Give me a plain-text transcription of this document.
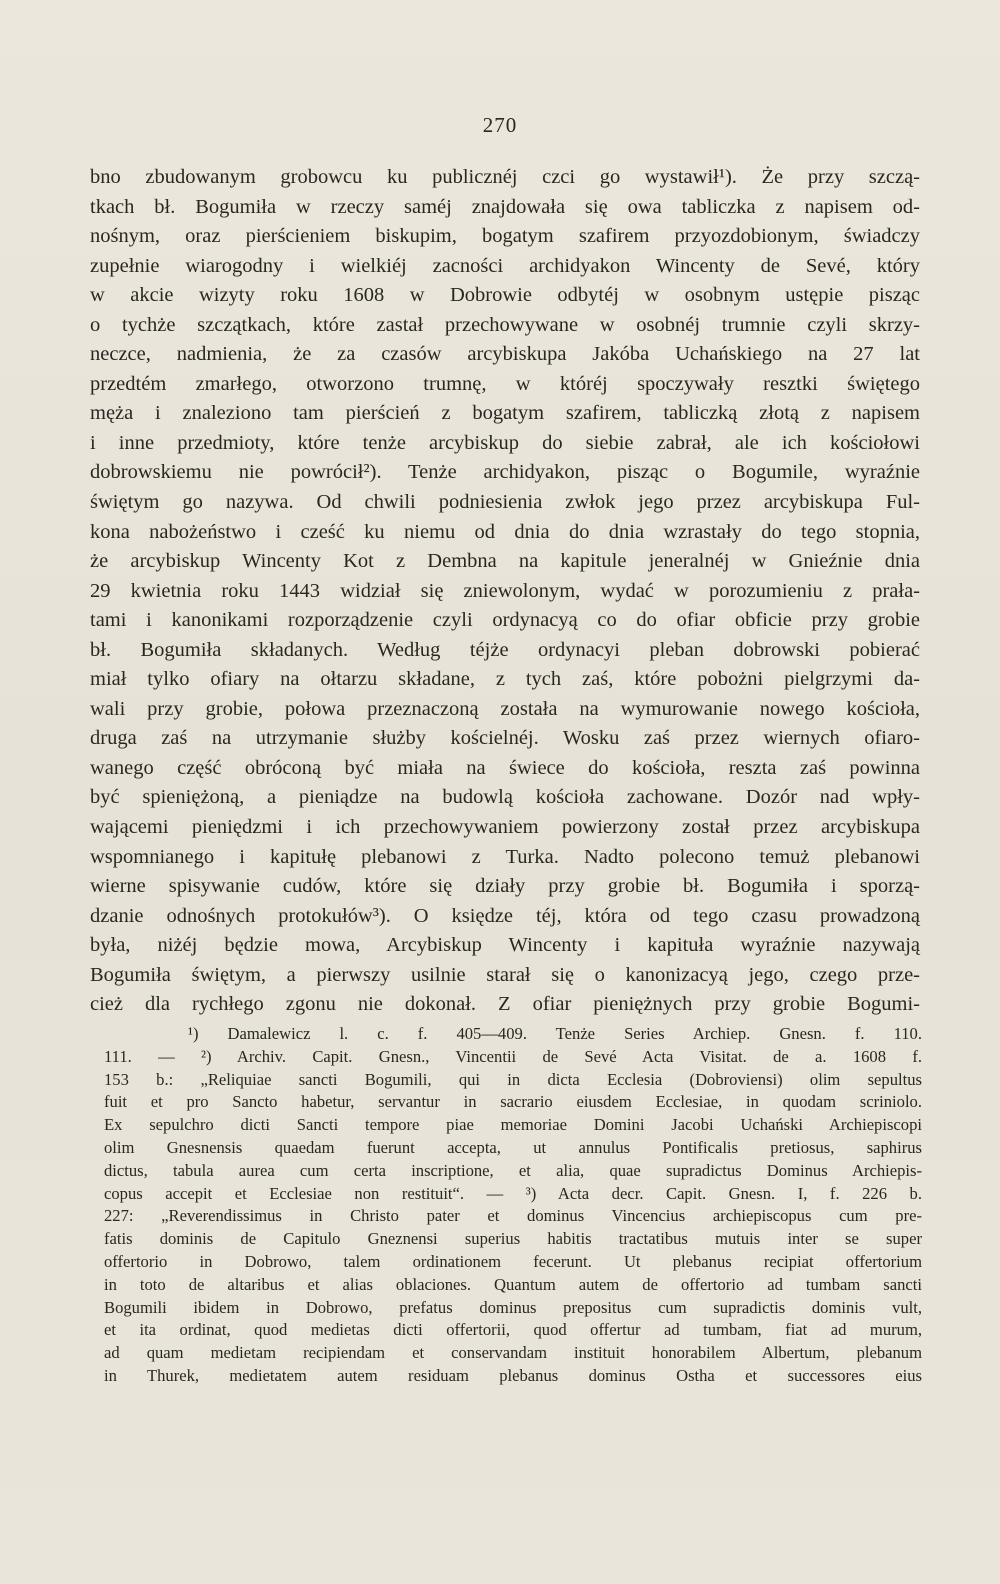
270
bno zbudowanym grobowcu ku publicznéj czci go wystawił¹). Że przy szczą-
tkach bł. Bogumiła w rzeczy saméj znajdowała się owa tabliczka z napisem od-
nośnym, oraz pierścieniem biskupim, bogatym szafirem przyozdobionym, świadczy
zupełnie wiarogodny i wielkiéj zacności archidyakon Wincenty de Sevé, który
w akcie wizyty roku 1608 w Dobrowie odbytéj w osobnym ustępie pisząc
o tychże szczątkach, które zastał przechowywane w osobnéj trumnie czyli skrzy-
neczce, nadmienia, że za czasów arcybiskupa Jakóba Uchańskiego na 27 lat
przedtém zmarłego, otworzono trumnę, w któréj spoczywały resztki świętego
męża i znaleziono tam pierścień z bogatym szafirem, tabliczką złotą z napisem
i inne przedmioty, które tenże arcybiskup do siebie zabrał, ale ich kościołowi
dobrowskiemu nie powrócił²). Tenże archidyakon, pisząc o Bogumile, wyraźnie
świętym go nazywa. Od chwili podniesienia zwłok jego przez arcybiskupa Ful-
kona nabożeństwo i cześć ku niemu od dnia do dnia wzrastały do tego stopnia,
że arcybiskup Wincenty Kot z Dembna na kapitule jeneralnéj w Gnieźnie dnia
29 kwietnia roku 1443 widział się zniewolonym, wydać w porozumieniu z prała-
tami i kanonikami rozporządzenie czyli ordynacyą co do ofiar obficie przy grobie
bł. Bogumiła składanych. Według téjże ordynacyi pleban dobrowski pobierać
miał tylko ofiary na ołtarzu składane, z tych zaś, które pobożni pielgrzymi da-
wali przy grobie, połowa przeznaczoną została na wymurowanie nowego kościoła,
druga zaś na utrzymanie służby kościelnéj. Wosku zaś przez wiernych ofiaro-
wanego część obróconą być miała na świece do kościoła, reszta zaś powinna
być spieniężoną, a pieniądze na budowlą kościoła zachowane. Dozór nad wpły-
wającemi pieniędzmi i ich przechowywaniem powierzony został przez arcybiskupa
wspomnianego i kapitułę plebanowi z Turka. Nadto polecono temuż plebanowi
wierne spisywanie cudów, które się działy przy grobie bł. Bogumiła i sporzą-
dzanie odnośnych protokułów³). O księdze téj, która od tego czasu prowadzoną
była, niżéj będzie mowa, Arcybiskup Wincenty i kapituła wyraźnie nazywają
Bogumiła świętym, a pierwszy usilnie starał się o kanonizacyą jego, czego prze-
cież dla rychłego zgonu nie dokonał. Z ofiar pieniężnych przy grobie Bogumi-
¹) Damalewicz l. c. f. 405—409. Tenże Series Archiep. Gnesn. f. 110.
111. — ²) Archiv. Capit. Gnesn., Vincentii de Sevé Acta Visitat. de a. 1608 f.
153 b.: „Reliquiae sancti Bogumili, qui in dicta Ecclesia (Dobroviensi) olim sepultus
fuit et pro Sancto habetur, servantur in sacrario eiusdem Ecclesiae, in quodam scriniolo.
Ex sepulchro dicti Sancti tempore piae memoriae Domini Jacobi Uchański Archiepiscopi
olim Gnesnensis quaedam fuerunt accepta, ut annulus Pontificalis pretiosus, saphirus
dictus, tabula aurea cum certa inscriptione, et alia, quae supradictus Dominus Archiepis-
copus accepit et Ecclesiae non restituit“. — ³) Acta decr. Capit. Gnesn. I, f. 226 b.
227: „Reverendissimus in Christo pater et dominus Vincencius archiepiscopus cum pre-
fatis dominis de Capitulo Gneznensi superius habitis tractatibus mutuis inter se super
offertorio in Dobrowo, talem ordinationem fecerunt. Ut plebanus recipiat offertorium
in toto de altaribus et alias oblaciones. Quantum autem de offertorio ad tumbam sancti
Bogumili ibidem in Dobrowo, prefatus dominus prepositus cum supradictis dominis vult,
et ita ordinat, quod medietas dicti offertorii, quod offertur ad tumbam, fiat ad murum,
ad quam medietam recipiendam et conservandam instituit honorabilem Albertum, plebanum
in Thurek, medietatem autem residuam plebanus dominus Ostha et successores eius
